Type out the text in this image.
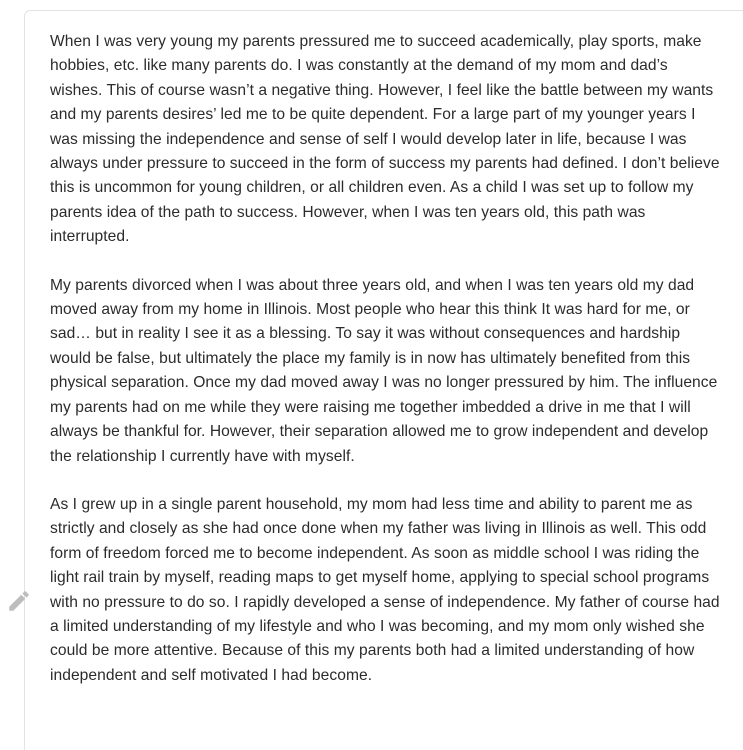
When I was very young my parents pressured me to succeed academically, play sports, make hobbies, etc. like many parents do. I was constantly at the demand of my mom and dad’s wishes. This of course wasn’t a negative thing. However, I feel like the battle between my wants and my parents desires’ led me to be quite dependent. For a large part of my younger years I was missing the independence and sense of self I would develop later in life, because I was always under pressure to succeed in the form of success my parents had defined. I don’t believe this is uncommon for young children, or all children even. As a child I was set up to follow my parents idea of the path to success. However, when I was ten years old, this path was interrupted.

My parents divorced when I was about three years old, and when I was ten years old my dad moved away from my home in Illinois. Most people who hear this think It was hard for me, or sad… but in reality I see it as a blessing. To say it was without consequences and hardship would be false, but ultimately the place my family is in now has ultimately benefited from this physical separation. Once my dad moved away I was no longer pressured by him. The influence my parents had on me while they were raising me together imbedded a drive in me that I will always be thankful for. However, their separation allowed me to grow independent and develop the relationship I currently have with myself.

As I grew up in a single parent household, my mom had less time and ability to parent me as strictly and closely as she had once done when my father was living in Illinois as well. This odd form of freedom forced me to become independent. As soon as middle school I was riding the light rail train by myself, reading maps to get myself home, applying to special school programs with no pressure to do so. I rapidly developed a sense of independence. My father of course had a limited understanding of my lifestyle and who I was becoming, and my mom only wished she could be more attentive. Because of this my parents both had a limited understanding of how independent and self motivated I had become.
